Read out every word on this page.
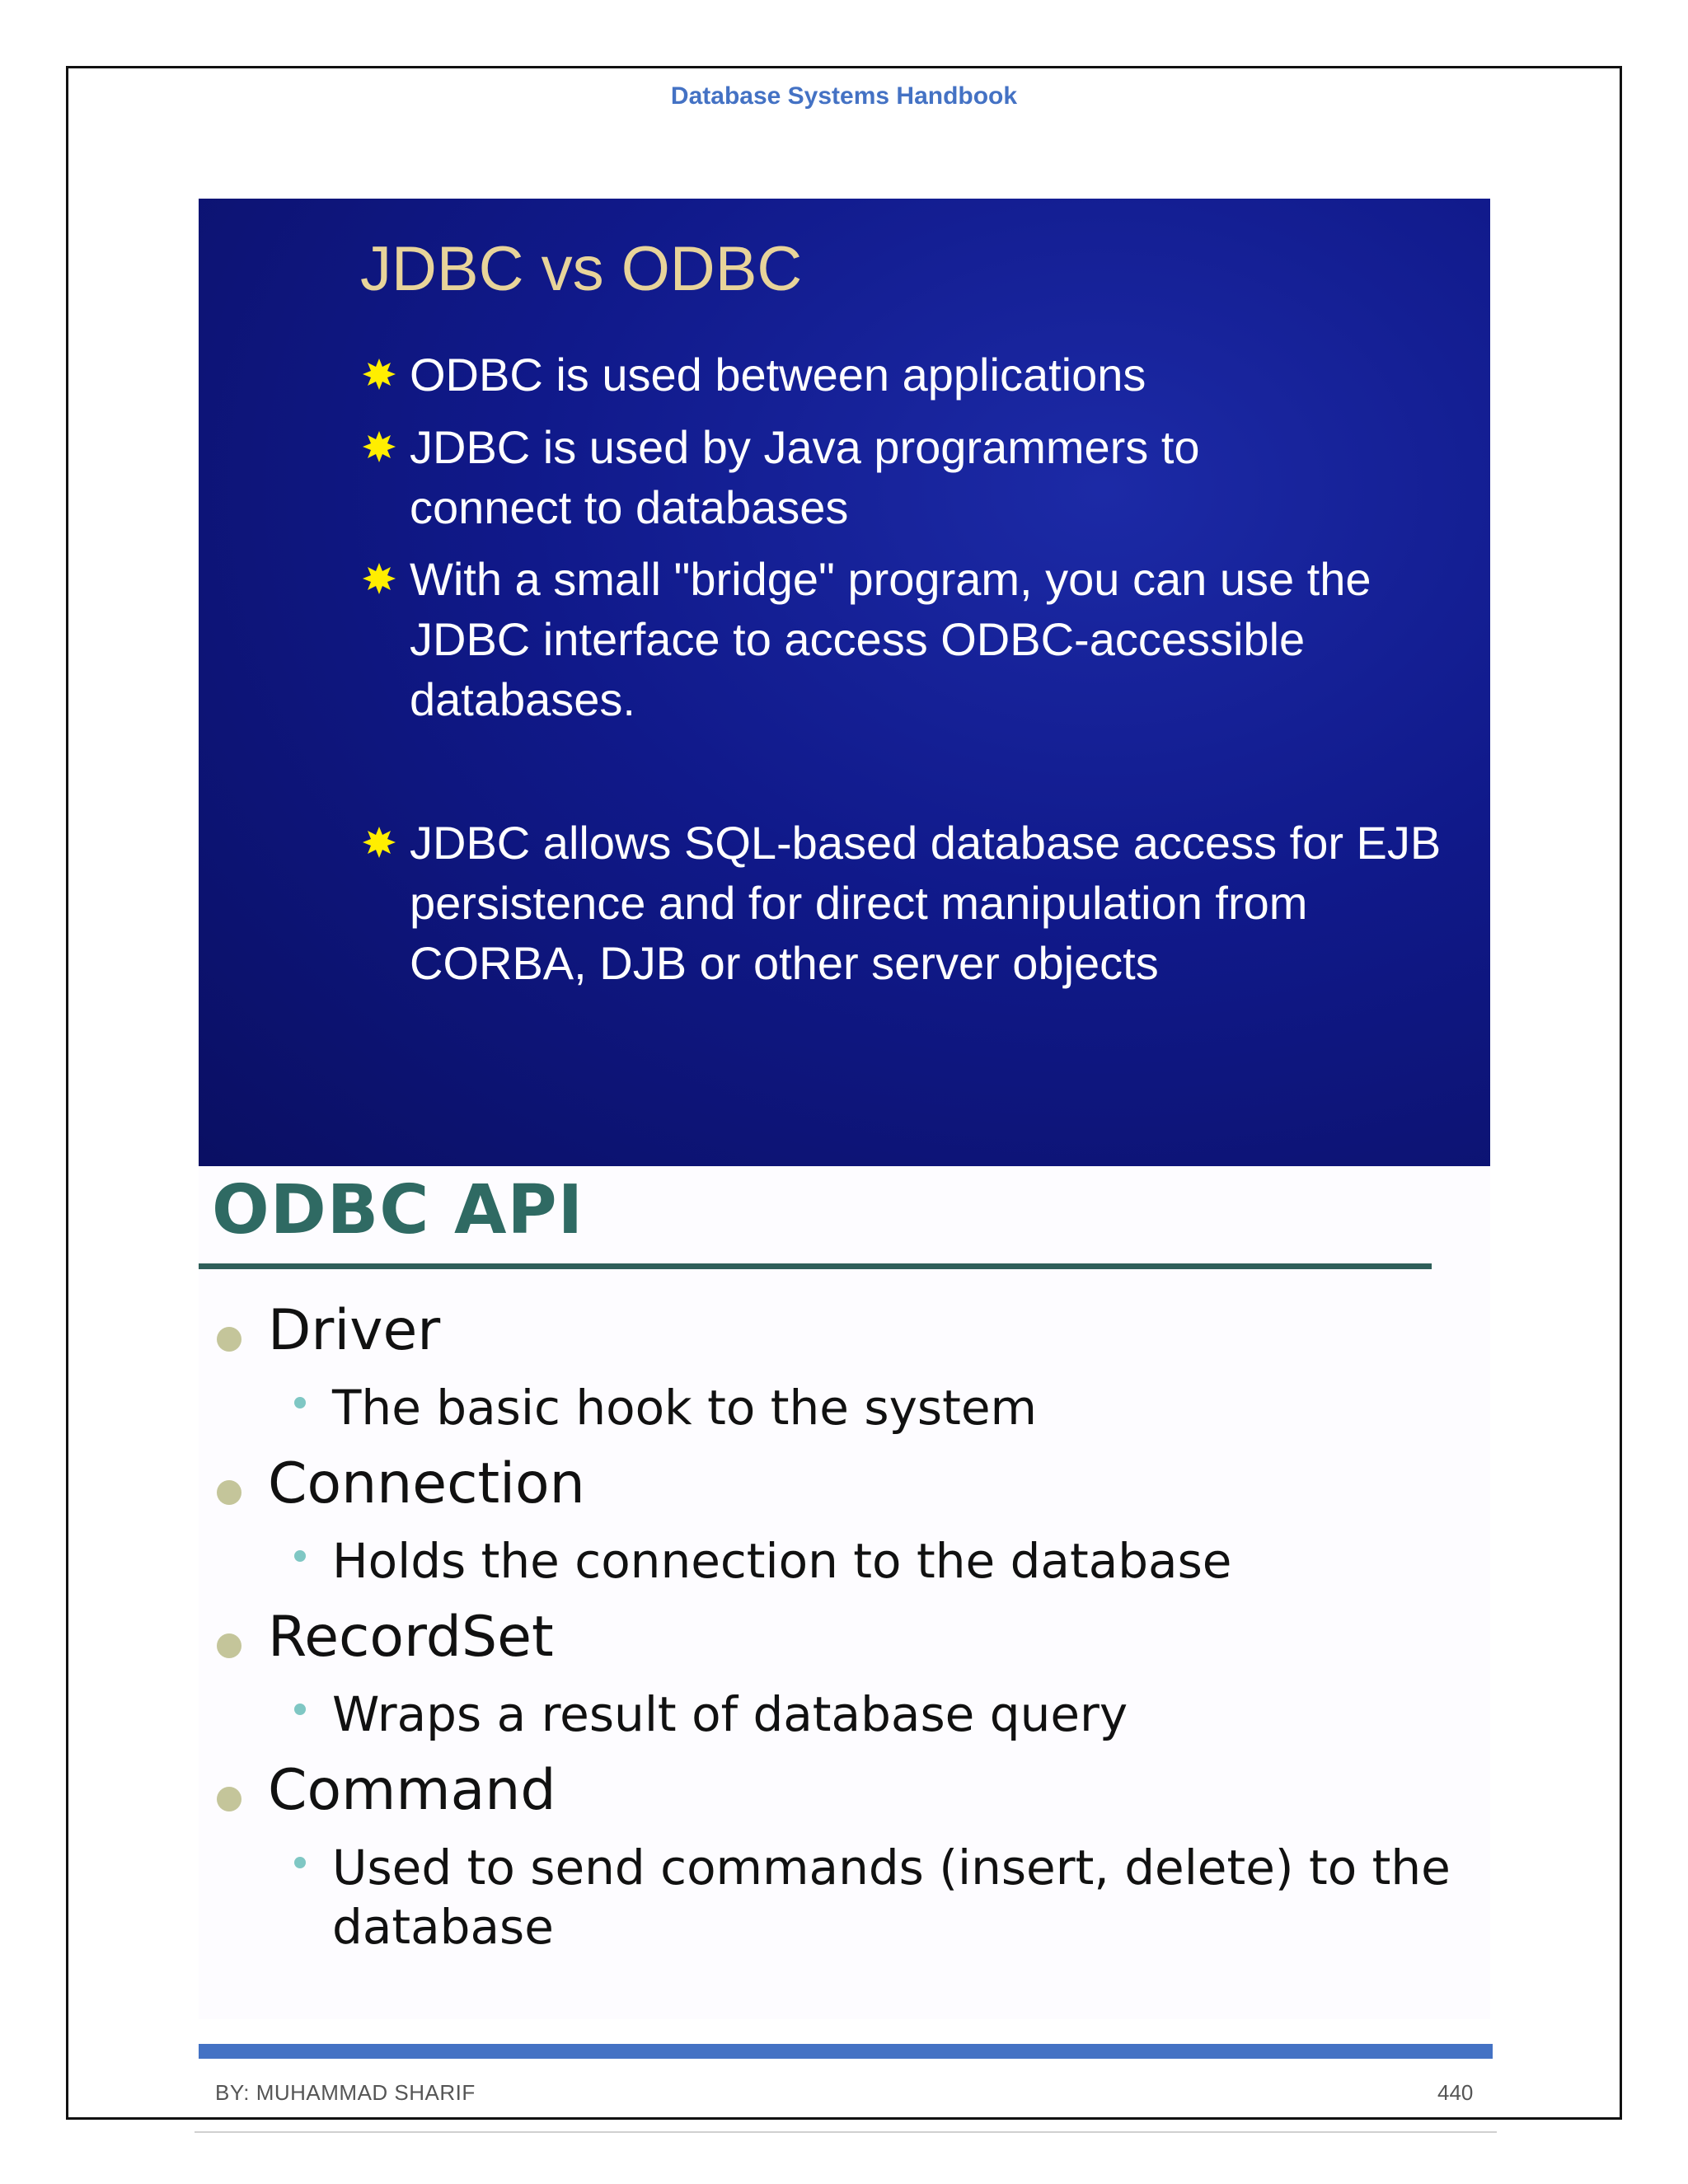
Database Systems Handbook
JDBC vs ODBC
ODBC is used between applications
JDBC is used by Java programmers to connect to databases
With a small "bridge" program, you can use the JDBC interface to access ODBC-accessible databases.
JDBC allows SQL-based database access for EJB persistence and for direct manipulation from CORBA, DJB or other server objects
ODBC API
Driver
The basic hook to the system
Connection
Holds the connection to the database
RecordSet
Wraps a result of database query
Command
Used to send commands (insert, delete) to the database
BY: MUHAMMAD SHARIF	440
